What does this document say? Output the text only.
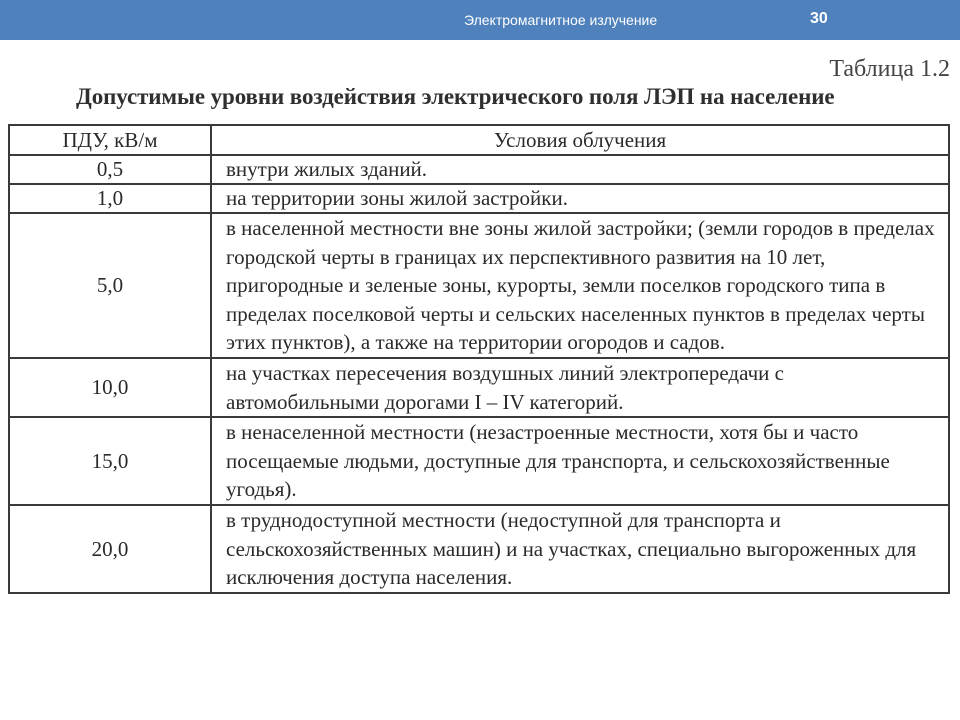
Электромагнитное излучение	30
Таблица 1.2
Допустимые уровни воздействия электрического поля ЛЭП на население
ПДУ, кВ/м	Условия облучения
0,5	внутри жилых зданий.
1,0	на территории зоны жилой застройки.
5,0	в населенной местности вне зоны жилой застройки; (земли городов в пределах городской черты в границах их перспективного развития на 10 лет, пригородные и зеленые зоны, курорты, земли поселков городского типа в пределах поселковой черты и сельских населенных пунктов в пределах черты этих пунктов), а также на территории огородов и садов.
10,0	на участках пересечения воздушных линий электропередачи с автомобильными дорогами I – IV категорий.
15,0	в ненаселенной местности (незастроенные местности, хотя бы и часто посещаемые людьми, доступные для транспорта, и сельскохозяйственные угодья).
20,0	в труднодоступной местности (недоступной для транспорта и сельскохозяйственных машин) и на участках, специально выгороженных для исключения доступа населения.
